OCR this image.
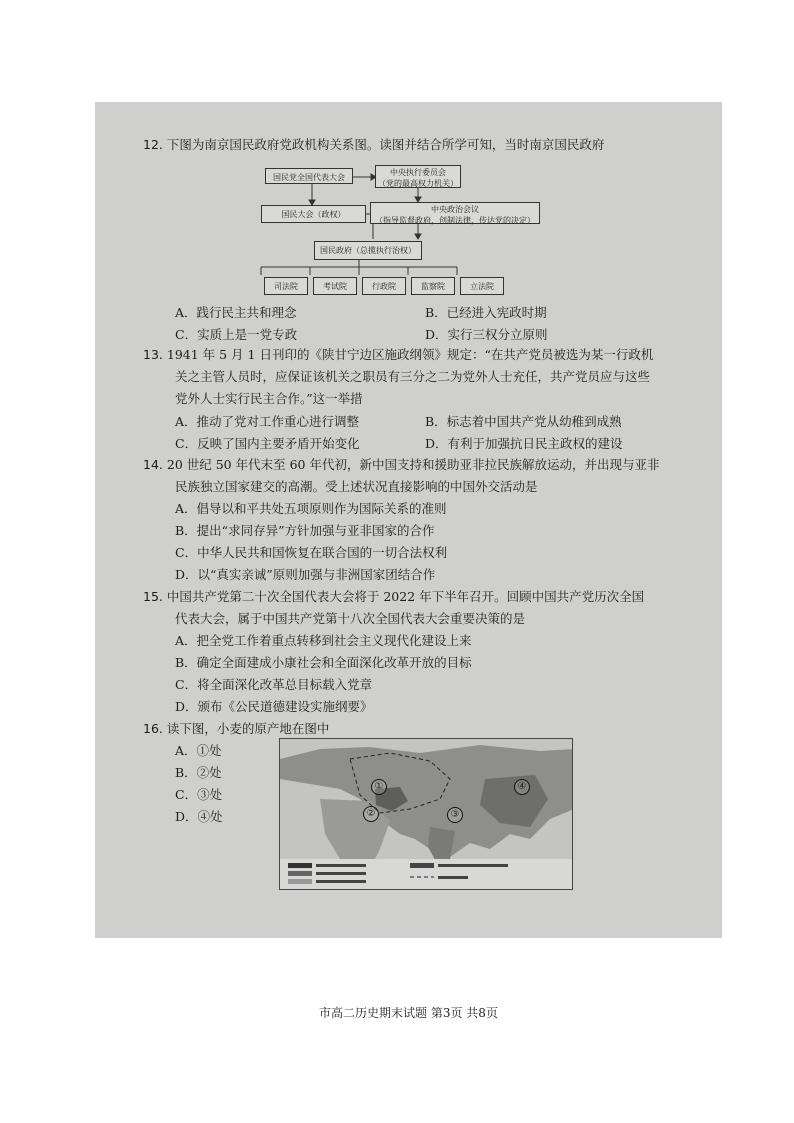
12. 下图为南京国民政府党政机构关系图。读图并结合所学可知，当时南京国民政府
国民党全国代表大会
中央执行委员会
（党的最高权力机关）
国民大会（政权）
中央政治会议
（指导监督政府，创制法律，传达党的决定）
国民政府（总揽执行治权）
司法院	考试院	行政院	监察院	立法院
A．践行民主共和理念	B．已经进入宪政时期
C．实质上是一党专政	D．实行三权分立原则
13. 1941 年 5 月 1 日刊印的《陕甘宁边区施政纲领》规定：“在共产党员被选为某一行政机
关之主管人员时，应保证该机关之职员有三分之二为党外人士充任，共产党员应与这些
党外人士实行民主合作。”这一举措
A．推动了党对工作重心进行调整	B．标志着中国共产党从幼稚到成熟
C．反映了国内主要矛盾开始变化	D．有利于加强抗日民主政权的建设
14. 20 世纪 50 年代末至 60 年代初，新中国支持和援助亚非拉民族解放运动，并出现与亚非
民族独立国家建交的高潮。受上述状况直接影响的中国外交活动是
A．倡导以和平共处五项原则作为国际关系的准则
B．提出“求同存异”方针加强与亚非国家的合作
C．中华人民共和国恢复在联合国的一切合法权利
D．以“真实亲诚”原则加强与非洲国家团结合作
15. 中国共产党第二十次全国代表大会将于 2022 年下半年召开。回顾中国共产党历次全国
代表大会，属于中国共产党第十八次全国代表大会重要决策的是
A．把全党工作着重点转移到社会主义现代化建设上来
B．确定全面建成小康社会和全面深化改革开放的目标
C．将全面深化改革总目标载入党章
D．颁布《公民道德建设实施纲要》
16. 读下图，小麦的原产地在图中
A．①处
B．②处
C．③处
D．④处
市高二历史期末试题 第3页 共8页
①
②	③
④
